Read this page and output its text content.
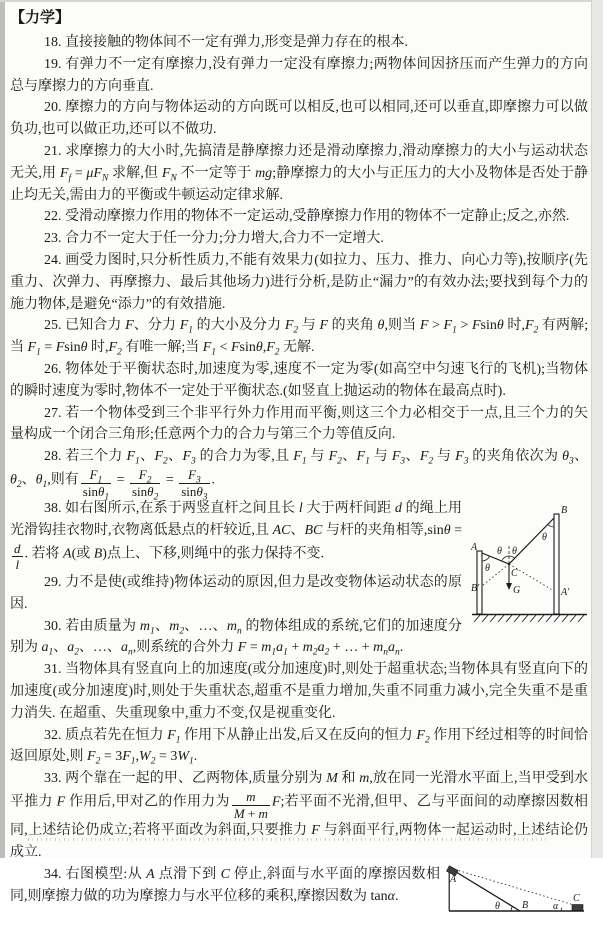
【力学】

18. 直接接触的物体间不一定有弹力,形变是弹力存在的根本.

19. 有弹力不一定有摩擦力,没有弹力一定没有摩擦力;两物体间因挤压而产生弹力的方向总与摩擦力的方向垂直.

20. 摩擦力的方向与物体运动的方向既可以相反,也可以相同,还可以垂直,即摩擦力可以做负功,也可以做正功,还可以不做功.

21. 求摩擦力的大小时,先搞清是静摩擦力还是滑动摩擦力,滑动摩擦力的大小与运动状态无关,用 $F_f = \mu F_N$ 求解,但 $F_N$ 不一定等于 mg;静摩擦力的大小与正压力的大小及物体是否处于静止均无关,需由力的平衡或牛顿运动定律求解.

22. 受滑动摩擦力作用的物体不一定运动,受静摩擦力作用的物体不一定静止;反之,亦然.

23. 合力不一定大于任一分力;分力增大,合力不一定增大.

24. 画受力图时,只分析性质力,不能有效果力(如拉力、压力、推力、向心力等),按顺序(先重力、次弹力、再摩擦力、最后其他场力)进行分析,是防止“漏力”的有效办法;要找到每个力的施力物体,是避免“添力”的有效措施.

25. 已知合力 F、分力 $F_1$ 的大小及分力 $F_2$ 与 F 的夹角 θ,则当 $F > F_1 > Fsin\theta$ 时$,F_2$ 有两解;当 $F_1 = Fsin\theta$ 时$,F_2$ 有唯一解;当 $F_1 < Fsin\theta,F_2$ 无解.

26. 物体处于平衡状态时,加速度为零,速度不一定为零(如高空中匀速飞行的飞机);当物体的瞬时速度为零时,物体不一定处于平衡状态.(如竖直上抛运动的物体在最高点时).

27. 若一个物体受到三个非平行外力作用而平衡,则这三个力必相交于一点,且三个力的矢量构成一个闭合三角形;任意两个力的合力与第三个力等值反向.

28. 若三个力 $F_1$、$F_2$、$F_3$ 的合力为零,且 $F_1$ 与 $F_2$、$F_1$ 与 $F_3$、$F_2$ 与 $F_3$ 的夹角依次为 $\theta_3$、$\theta_2$、$\theta_1$,则有 $\frac{F_1}{\sin\theta_1} = \frac{F_2}{\sin\theta_2} = \frac{F_3}{\sin\theta_3}$ .

A
B
B′	A′
C
G
θ
θ θ
θ

38. 如右图所示,在系于两竖直杆之间且长 l 大于两杆间距 d 的绳上用光滑钩挂衣物时,衣物离低悬点的杆较近,且 AC、BC 与杆的夹角相等,sinθ =
$\frac{d}{l}$ . 若将 A(或 B)点上、下移,则绳中的张力保持不变.

29. 力不是使(或维持)物体运动的原因,但力是改变物体运动状态的原因.

30. 若由质量为 $m_1$、$m_2$、…、$m_n$ 的物体组成的系统,它们的加速度分别为 $a_1$、$a_2$、…、$a_n$,则系统的合外力 $F = m_1a_1 + m_2a_2$ + … + $m_na_n$.

31. 当物体具有竖直向上的加速度(或分加速度)时,则处于超重状态;当物体具有竖直向下的加速度(或分加速度)时,则处于失重状态,超重不是重力增加,失重不同重力减小,完全失重不是重力消失. 在超重、失重现象中,重力不变,仅是视重变化.

32. 质点若先在恒力 $F_1$ 作用下从静止出发,后又在反向的恒力 $F_2$ 作用下经过相等的时间恰返回原处,则 $F_2 = 3F_1,W_2 = 3W_1$.

33. 两个靠在一起的甲、乙两物体,质量分别为 M 和 m,放在同一光滑水平面上,当甲受到水平推力 F 作用后,甲对乙的作用力为 $\frac{m}{M + m} F$;若平面不光滑,但甲、乙与平面间的动摩擦因数相同,上述结论仍成立;若将平面改为斜面,只要推力 F 与斜面平行,两物体一起运动时,上述结论仍成立.

A
θ B α
C

34. 右图模型:从 A 点滑下到 C 停止,斜面与水平面的摩擦因数相同,则摩擦力做的功为摩擦力与水平位移的乘积,摩擦因数为 tanα.
